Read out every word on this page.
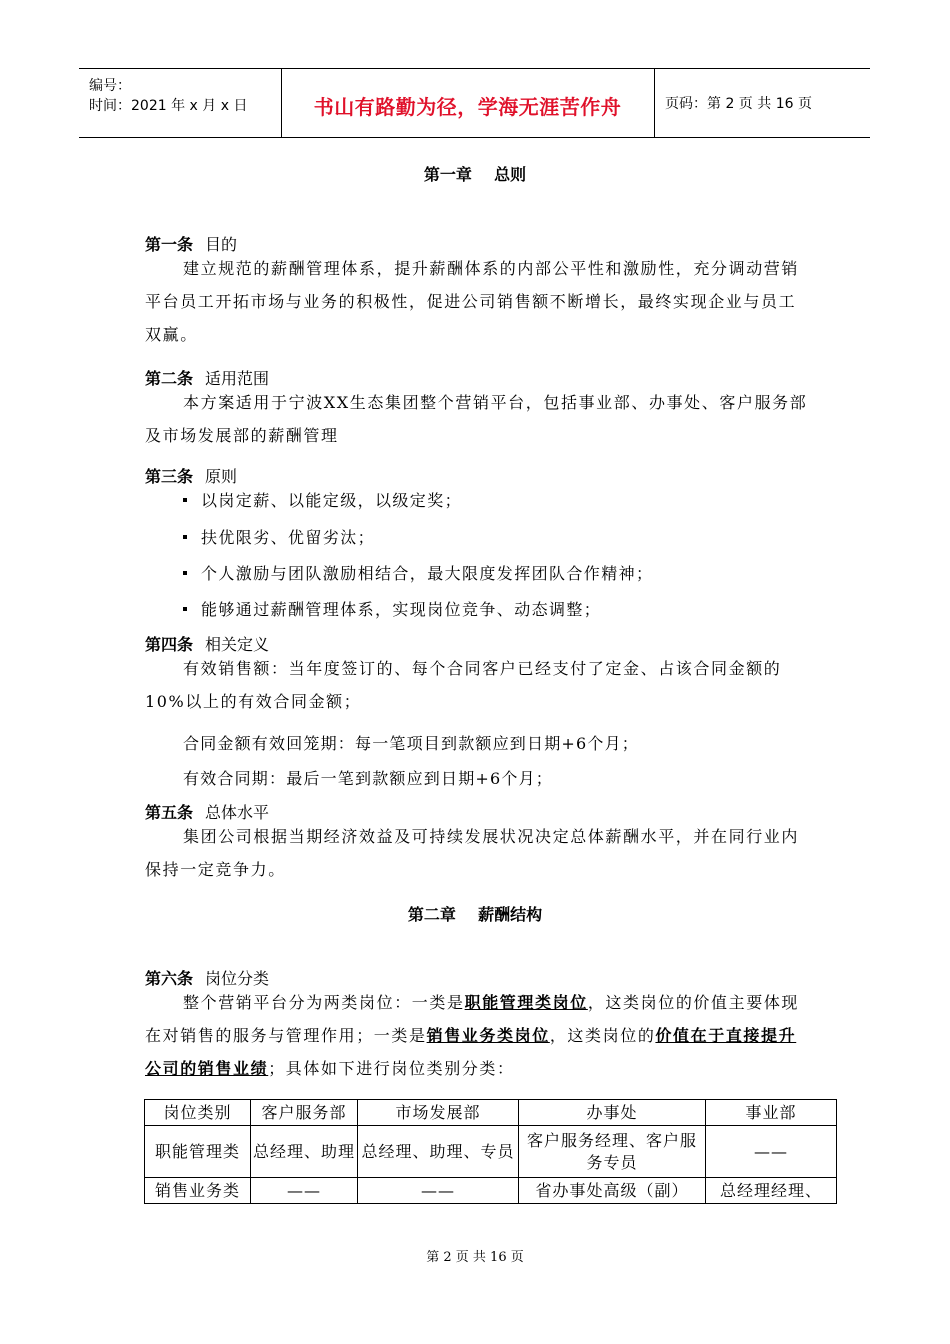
编号：
时间：2021 年 x 月 x 日	书山有路勤为径，学海无涯苦作舟	页码：第 2 页 共 16 页
第一章    总则
第一条 目的

建立规范的薪酬管理体系，提升薪酬体系的内部公平性和激励性，充分调动营销平台员工开拓市场与业务的积极性，促进公司销售额不断增长，最终实现企业与员工双赢。

第二条 适用范围

本方案适用于宁波XX生态集团整个营销平台，包括事业部、办事处、客户服务部及市场发展部的薪酬管理

第三条 原则
以岗定薪、以能定级，以级定奖；
扶优限劣、优留劣汰；
个人激励与团队激励相结合，最大限度发挥团队合作精神；
能够通过薪酬管理体系，实现岗位竞争、动态调整；
第四条 相关定义

有效销售额：当年度签订的、每个合同客户已经支付了定金、占该合同金额的10%以上的有效合同金额；

合同金额有效回笼期：每一笔项目到款额应到日期+6个月；
有效合同期：最后一笔到款额应到日期+6个月；
第五条 总体水平

集团公司根据当期经济效益及可持续发展状况决定总体薪酬水平，并在同行业内保持一定竞争力。

第二章    薪酬结构
第六条 岗位分类

整个营销平台分为两类岗位：一类是职能管理类岗位，这类岗位的价值主要体现在对销售的服务与管理作用；一类是销售业务类岗位，这类岗位的价值在于直接提升公司的销售业绩；具体如下进行岗位类别分类：

岗位类别	客户服务部	市场发展部	办事处	事业部
职能管理类	总经理、助理	总经理、助理、专员	客户服务经理、客户服务专员	——
销售业务类	——	——	省办事处高级（副）	总经理经理、
第 2 页 共 16 页
